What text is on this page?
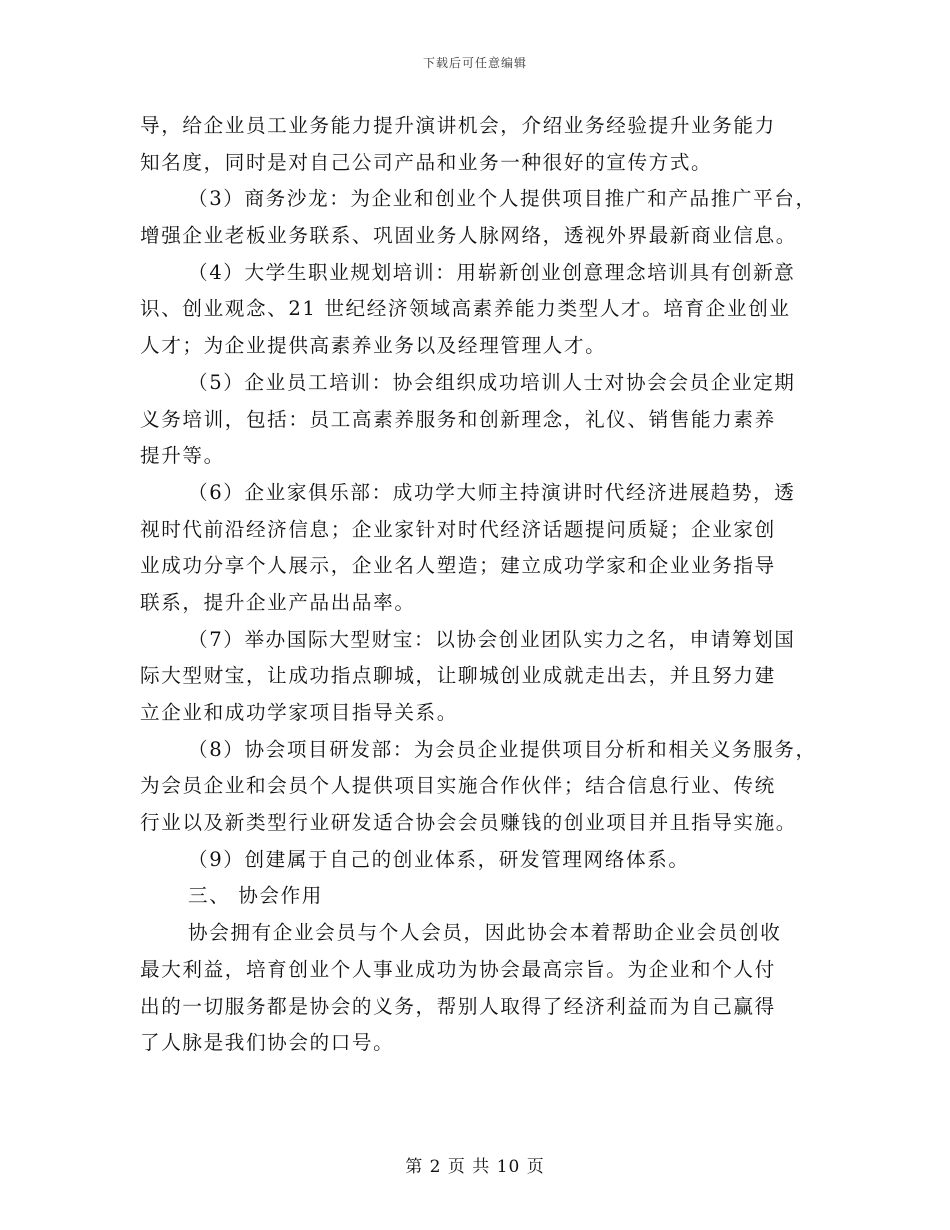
下载后可任意编辑
导，给企业员工业务能力提升演讲机会，介绍业务经验提升业务能力
知名度，同时是对自己公司产品和业务一种很好的宣传方式。
（3）商务沙龙：为企业和创业个人提供项目推广和产品推广平台，
增强企业老板业务联系、巩固业务人脉网络，透视外界最新商业信息。
（4）大学生职业规划培训：用崭新创业创意理念培训具有创新意
识、创业观念、21 世纪经济领域高素养能力类型人才。培育企业创业
人才；为企业提供高素养业务以及经理管理人才。
（5）企业员工培训：协会组织成功培训人士对协会会员企业定期
义务培训，包括：员工高素养服务和创新理念，礼仪、销售能力素养
提升等。
（6）企业家俱乐部：成功学大师主持演讲时代经济进展趋势，透
视时代前沿经济信息；企业家针对时代经济话题提问质疑；企业家创
业成功分享个人展示，企业名人塑造；建立成功学家和企业业务指导
联系，提升企业产品出品率。
（7）举办国际大型财宝：以协会创业团队实力之名，申请筹划国
际大型财宝，让成功指点聊城，让聊城创业成就走出去，并且努力建
立企业和成功学家项目指导关系。
（8）协会项目研发部：为会员企业提供项目分析和相关义务服务，
为会员企业和会员个人提供项目实施合作伙伴；结合信息行业、传统
行业以及新类型行业研发适合协会会员赚钱的创业项目并且指导实施。
（9）创建属于自己的创业体系，研发管理网络体系。
三、 协会作用
协会拥有企业会员与个人会员，因此协会本着帮助企业会员创收
最大利益，培育创业个人事业成功为协会最高宗旨。为企业和个人付
出的一切服务都是协会的义务，帮别人取得了经济利益而为自己赢得
了人脉是我们协会的口号。
第 2 页 共 10 页
